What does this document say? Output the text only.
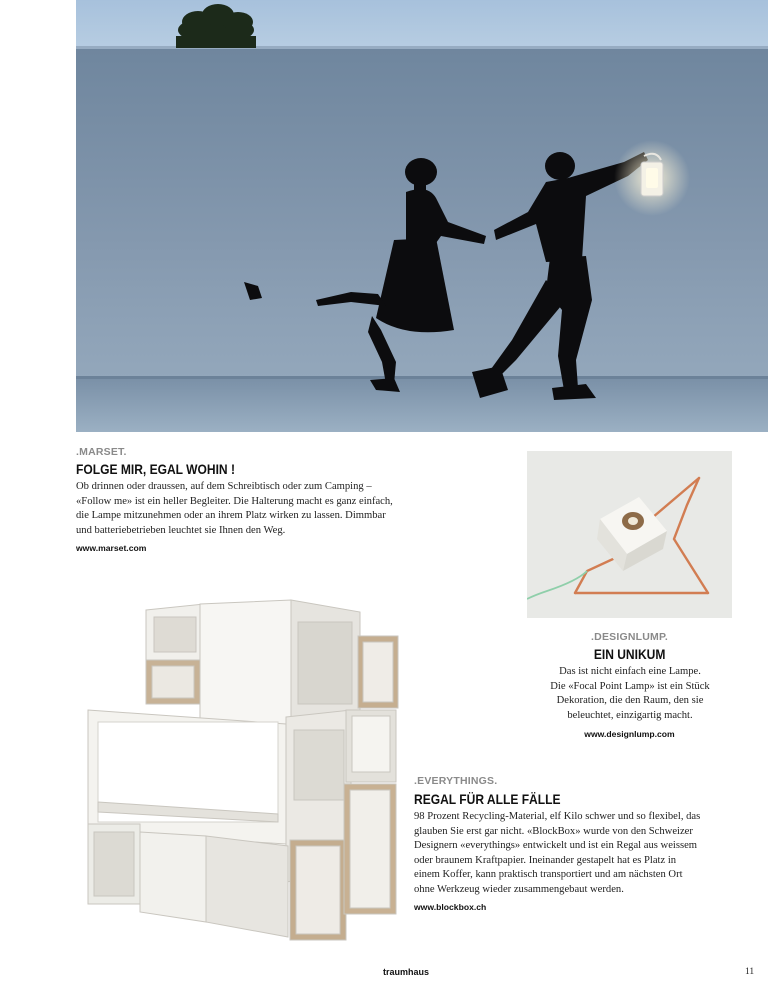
.MARSET.
FOLGE MIR, EGAL WOHIN !
Ob drinnen oder draussen, auf dem Schreibtisch oder zum Camping –
«Follow me» ist ein heller Begleiter. Die Halterung macht es ganz einfach,
die Lampe mitzunehmen oder an ihrem Platz wirken zu lassen. Dimmbar
und batteriebetrieben leuchtet sie Ihnen den Weg.
www.marset.com
.DESIGNLUMP.
EIN UNIKUM
Das ist nicht einfach eine Lampe.
Die «Focal Point Lamp» ist ein Stück
Dekoration, die den Raum, den sie
beleuchtet, einzigartig macht.
www.designlump.com
.EVERYTHINGS.
REGAL FÜR ALLE FÄLLE
98 Prozent Recycling-Material, elf Kilo schwer und so flexibel, das
glauben Sie erst gar nicht. «BlockBox» wurde von den Schweizer
Designern «everythings» entwickelt und ist ein Regal aus weissem
oder braunem Kraftpapier. Ineinander gestapelt hat es Platz in
einem Koffer, kann praktisch transportiert und am nächsten Ort
ohne Werkzeug wieder zusammengebaut werden.
www.blockbox.ch
traumhaus	11
